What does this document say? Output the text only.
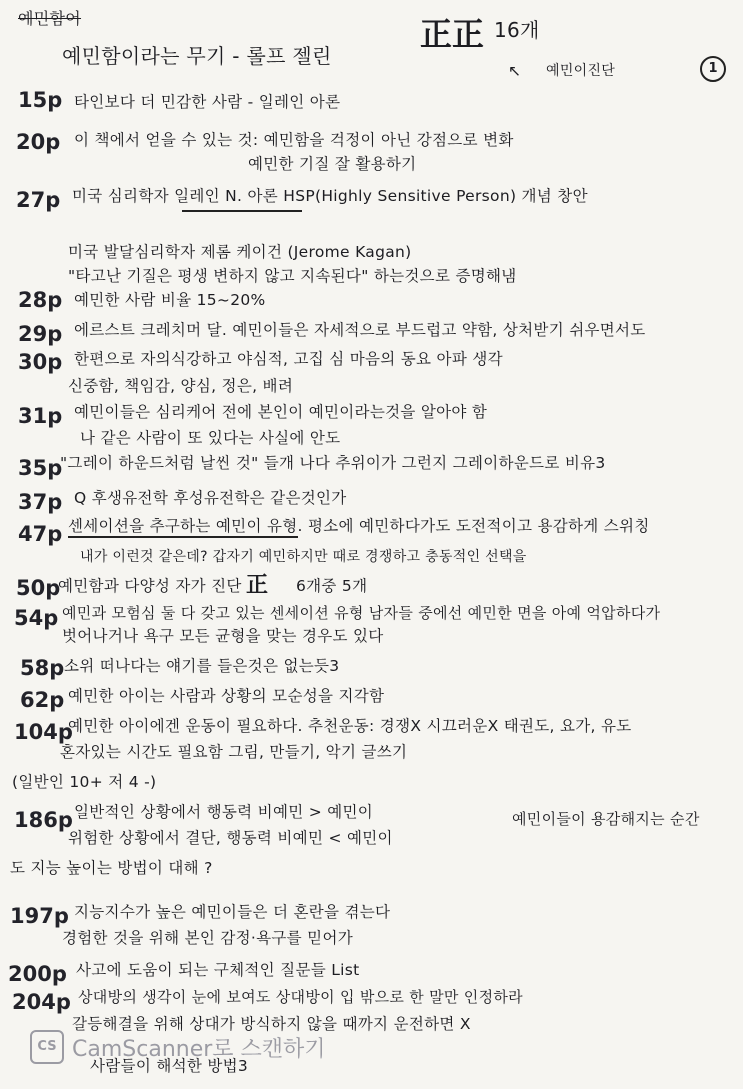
예민함어
예민함이라는 무기 - 롤프 젤린
正正 16개
↖ 예민이진단	1
15p 타인보다 더 민감한 사람 - 일레인 아론
20p 이 책에서 얻을 수 있는 것: 예민함을 걱정이 아닌 강점으로 변화
예민한 기질 잘 활용하기
27p 미국 심리학자 일레인 N. 아론 HSP(Highly Sensitive Person) 개념 창안
미국 발달심리학자 제롬 케이건 (Jerome Kagan)
"타고난 기질은 평생 변하지 않고 지속된다" 하는것으로 증명해냄
28p 예민한 사람 비율 15~20%
29p 에르스트 크레치머 달. 예민이들은 자세적으로 부드럽고 약함, 상처받기 쉬우면서도
30p 한편으로 자의식강하고 야심적, 고집 심 마음의 동요 아파 생각
신중함, 책임감, 양심, 정은, 배려
31p 예민이들은 심리케어 전에 본인이 예민이라는것을 알아야 함
나 같은 사람이 또 있다는 사실에 안도
35p
"그레이 하운드처럼 날씬 것" 들개 나다 추위이가 그런지 그레이하운드로 비유3
37p Q 후생유전학 후성유전학은 같은것인가
47p 센세이션을 추구하는 예민이 유형. 평소에 예민하다가도 도전적이고 용감하게 스위칭
내가 이런것 같은데? 갑자기 예민하지만 때로 경쟁하고 충동적인 선택을
50p
예민함과 다양성 자가 진단 正 6개중 5개
54p 예민과 모험심 둘 다 갖고 있는 센세이션 유형 남자들 중에선 예민한 면을 아예 억압하다가
벗어나거나 욕구 모든 균형을 맞는 경우도 있다
58p 소위 떠나다는 얘기를 들은것은 없는듯3
62p 예민한 아이는 사람과 상황의 모순성을 지각함
104p
예민한 아이에겐 운동이 필요하다. 추천운동: 경쟁X 시끄러운X 태권도, 요가, 유도
혼자있는 시간도 필요함 그림, 만들기, 악기 글쓰기
(일반인 10+ 저 4 -)
186p 일반적인 상황에서 행동력 비예민 > 예민이
위험한 상황에서 결단, 행동력 비예민 < 예민이
예민이들이 용감해지는 순간
도 지능 높이는 방법이 대해 ?
197p 지능지수가 높은 예민이들은 더 혼란을 겪는다
경험한 것을 위해 본인 감정·욕구를 믿어가
200p 사고에 도움이 되는 구체적인 질문들 List
204p 상대방의 생각이 눈에 보여도 상대방이 입 밖으로 한 말만 인정하라
갈등해결을 위해 상대가 방식하지 않을 때까지 운전하면 X
사람들이 해석한 방법3
CS CamScanner로 스캔하기
